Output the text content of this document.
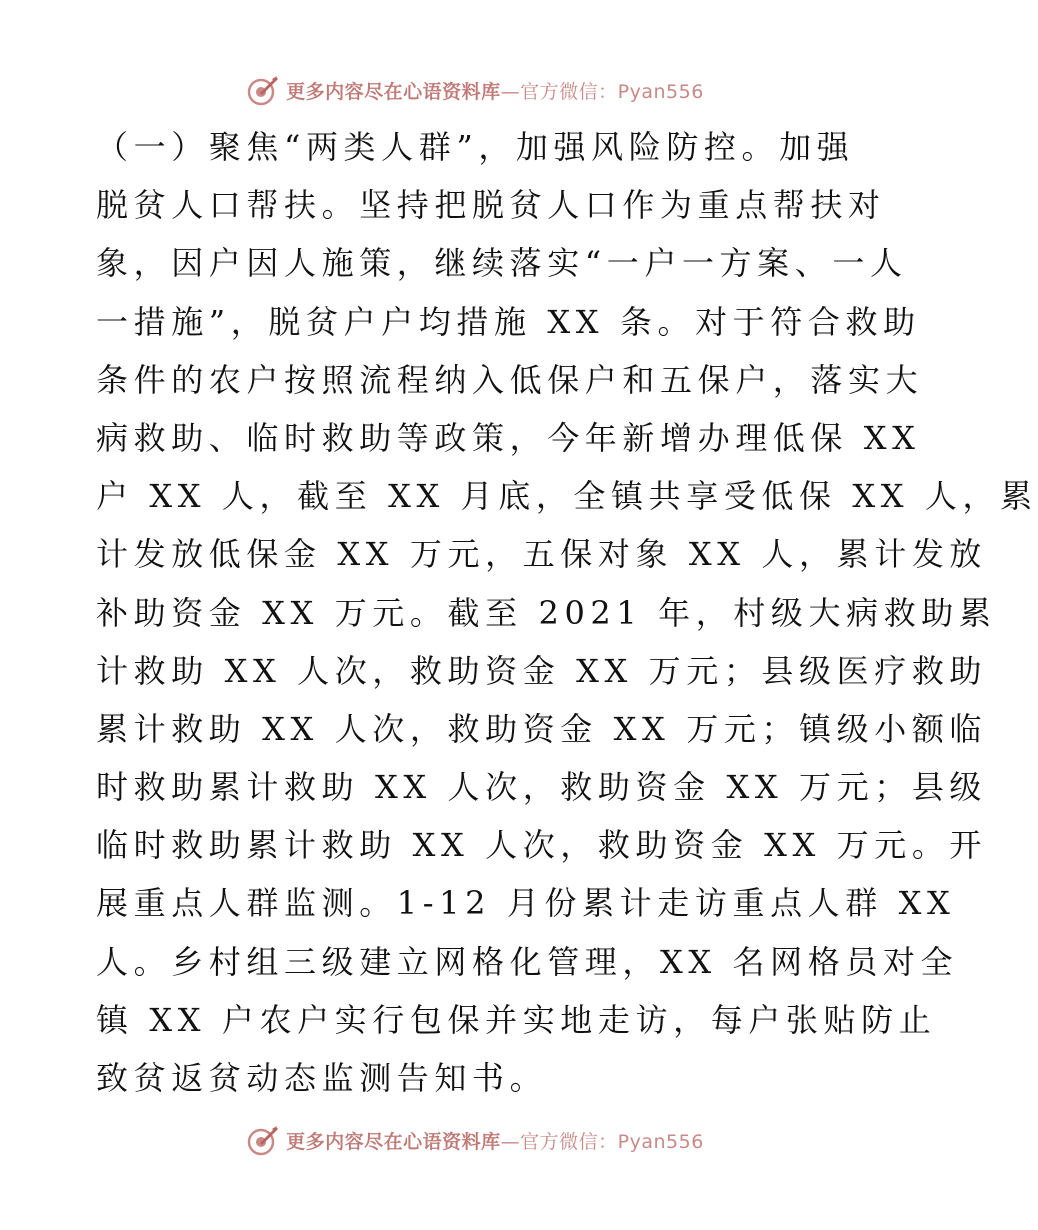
更多内容尽在心语资料库—官方微信：Pyan556
（一）聚焦“两类人群”，加强风险防控。加强
脱贫人口帮扶。坚持把脱贫人口作为重点帮扶对
象，因户因人施策，继续落实“一户一方案、一人
一措施”，脱贫户户均措施 XX 条。对于符合救助
条件的农户按照流程纳入低保户和五保户，落实大
病救助、临时救助等政策，今年新增办理低保 XX
户 XX 人，截至 XX 月底，全镇共享受低保 XX 人，累
计发放低保金 XX 万元，五保对象 XX 人，累计发放
补助资金 XX 万元。截至 2021 年，村级大病救助累
计救助 XX 人次，救助资金 XX 万元；县级医疗救助
累计救助 XX 人次，救助资金 XX 万元；镇级小额临
时救助累计救助 XX 人次，救助资金 XX 万元；县级
临时救助累计救助 XX 人次，救助资金 XX 万元。开
展重点人群监测。1-12 月份累计走访重点人群 XX
人。乡村组三级建立网格化管理，XX 名网格员对全
镇 XX 户农户实行包保并实地走访，每户张贴防止
致贫返贫动态监测告知书。
更多内容尽在心语资料库—官方微信：Pyan556
